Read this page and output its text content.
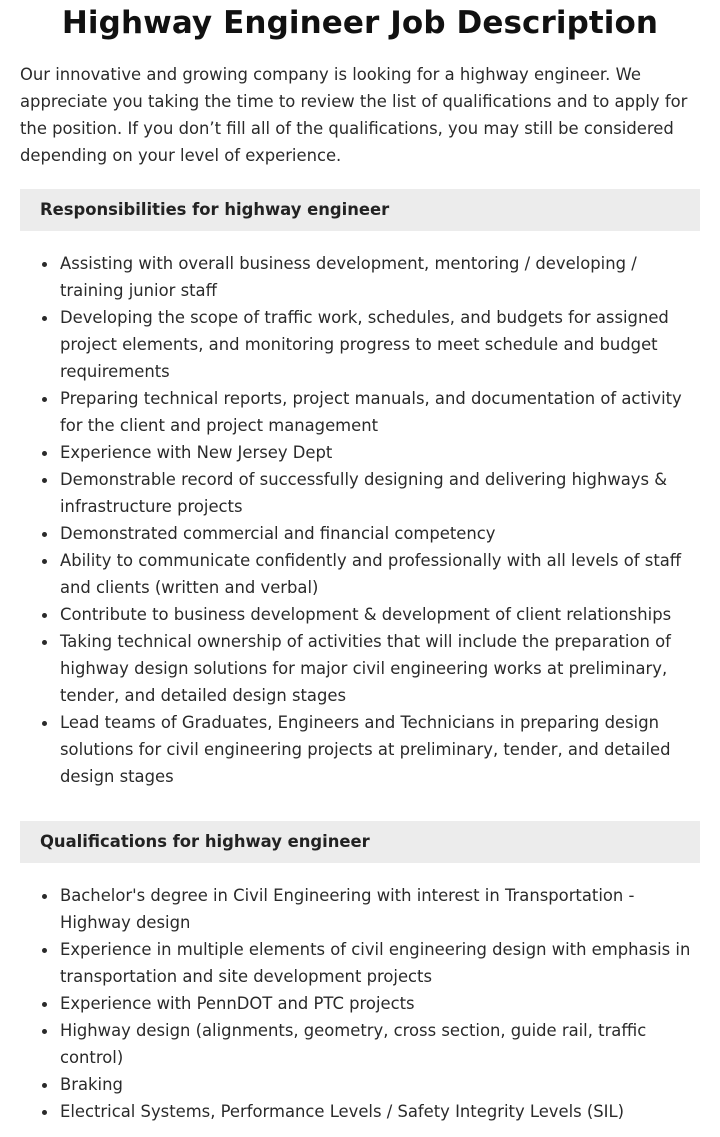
Highway Engineer Job Description

Our innovative and growing company is looking for a highway engineer. We appreciate you taking the time to review the list of qualifications and to apply for the position. If you don’t fill all of the qualifications, you may still be considered depending on your level of experience.

Responsibilities for highway engineer
Assisting with overall business development, mentoring / developing / training junior staff
Developing the scope of traffic work, schedules, and budgets for assigned project elements, and monitoring progress to meet schedule and budget requirements
Preparing technical reports, project manuals, and documentation of activity for the client and project management
Experience with New Jersey Dept
Demonstrable record of successfully designing and delivering highways & infrastructure projects
Demonstrated commercial and financial competency
Ability to communicate confidently and professionally with all levels of staff and clients (written and verbal)
Contribute to business development & development of client relationships
Taking technical ownership of activities that will include the preparation of highway design solutions for major civil engineering works at preliminary, tender, and detailed design stages
Lead teams of Graduates, Engineers and Technicians in preparing design solutions for civil engineering projects at preliminary, tender, and detailed design stages
Qualifications for highway engineer
Bachelor's degree in Civil Engineering with interest in Transportation - Highway design
Experience in multiple elements of civil engineering design with emphasis in transportation and site development projects
Experience with PennDOT and PTC projects
Highway design (alignments, geometry, cross section, guide rail, traffic control)
Braking
Electrical Systems, Performance Levels / Safety Integrity Levels (SIL)
